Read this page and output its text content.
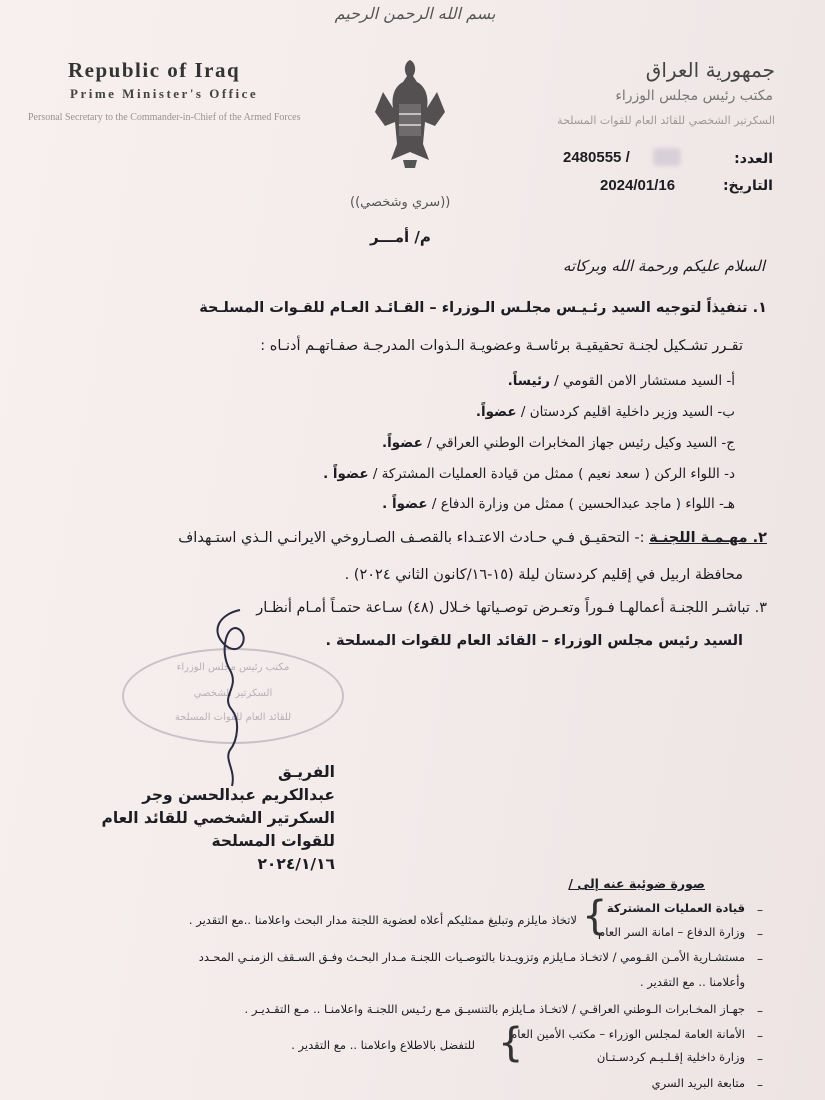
بسم الله الرحمن الرحيم
Republic of Iraq
Prime Minister's Office
Personal Secretary to the Commander-in-Chief of the Armed Forces
جمهورية العراق
مكتب رئيس مجلس الوزراء
السكرتير الشخصي للقائد العام للقوات المسلحة
العدد:
2480555 /
التاريخ:
2024/01/16
((سري وشخصي))
م/ أمـــر
السلام عليكم ورحمة الله وبركاته
١. تنفيذاً لتوجيه السيد رئـيـس مجلـس الـوزراء – القـائـد العـام للقـوات المسلـحة
تقـرر تشـكيل لجنـة تحقيقيـة برئاسـة وعضويـة الـذوات المدرجـة صفـاتهـم أدنـاه :
أ- السيد مستشار الامن القومي / رئيساً.
ب- السيد وزير داخلية اقليم كردستان / عضواً.
ج- السيد وكيل رئيس جهاز المخابرات الوطني العراقي / عضواً.
د- اللواء الركن ( سعد نعيم ) ممثل من قيادة العمليات المشتركة / عضواً .
هـ- اللواء ( ماجد عبدالحسين ) ممثل من وزارة الدفاع / عضواً .
٢. مهـمـة اللجنـة :- التحقيـق فـي حـادث الاعتـداء بالقصـف الصـاروخي الايرانـي الـذي استـهداف
محافظة اربيل في إقليم كردستان ليلة (١٥-١٦/كانون الثاني ٢٠٢٤) .
٣. تباشـر اللجنـة أعمالهـا فـوراً وتعـرض توصـياتها خـلال (٤٨) سـاعة حتمـاً أمـام أنظـار
السيد رئيس مجلس الوزراء – القائد العام للقوات المسلحة .
مكتب رئيس مجلس الوزراء
السكرتير الشخصي
للقائد العام للقوات المسلحة
الفريـق
عبدالكريم عبدالحسن وجر
السكرتير الشخصي للقائد العام
للقوات المسلحة
٢٠٢٤/١/١٦
صورة ضوئية عنه إلى /
–
قيادة العمليات المشتركة
–
وزارة الدفاع – امانة السر العام
{
لاتخاذ مايلزم وتبليغ ممثليكم أعلاه لعضوية اللجنة مدار البحث واعلامنا ..مع التقدير .
–
مستشـارية الأمـن القـومي / لاتخـاذ مـايلزم وتزويـدنا بالتوصـيات اللجنـة مـدار البحـث وفـق السـقف الزمنـي المحـدد
وأعلامنا .. مع التقدير .
–
جهـاز المخـابرات الـوطني العراقـي / لاتخـاذ مـايلزم بالتنسيـق مـع رئـيس اللجنـة واعلامنـا .. مـع التقـديـر .
–
الأمانة العامة لمجلس الوزراء – مكتب الأمين العام
–
وزارة داخلية إقـلـيـم كردسـتـان
{
للتفضل بالاطلاع واعلامنا .. مع التقدير .
–
متابعة البريد السري
